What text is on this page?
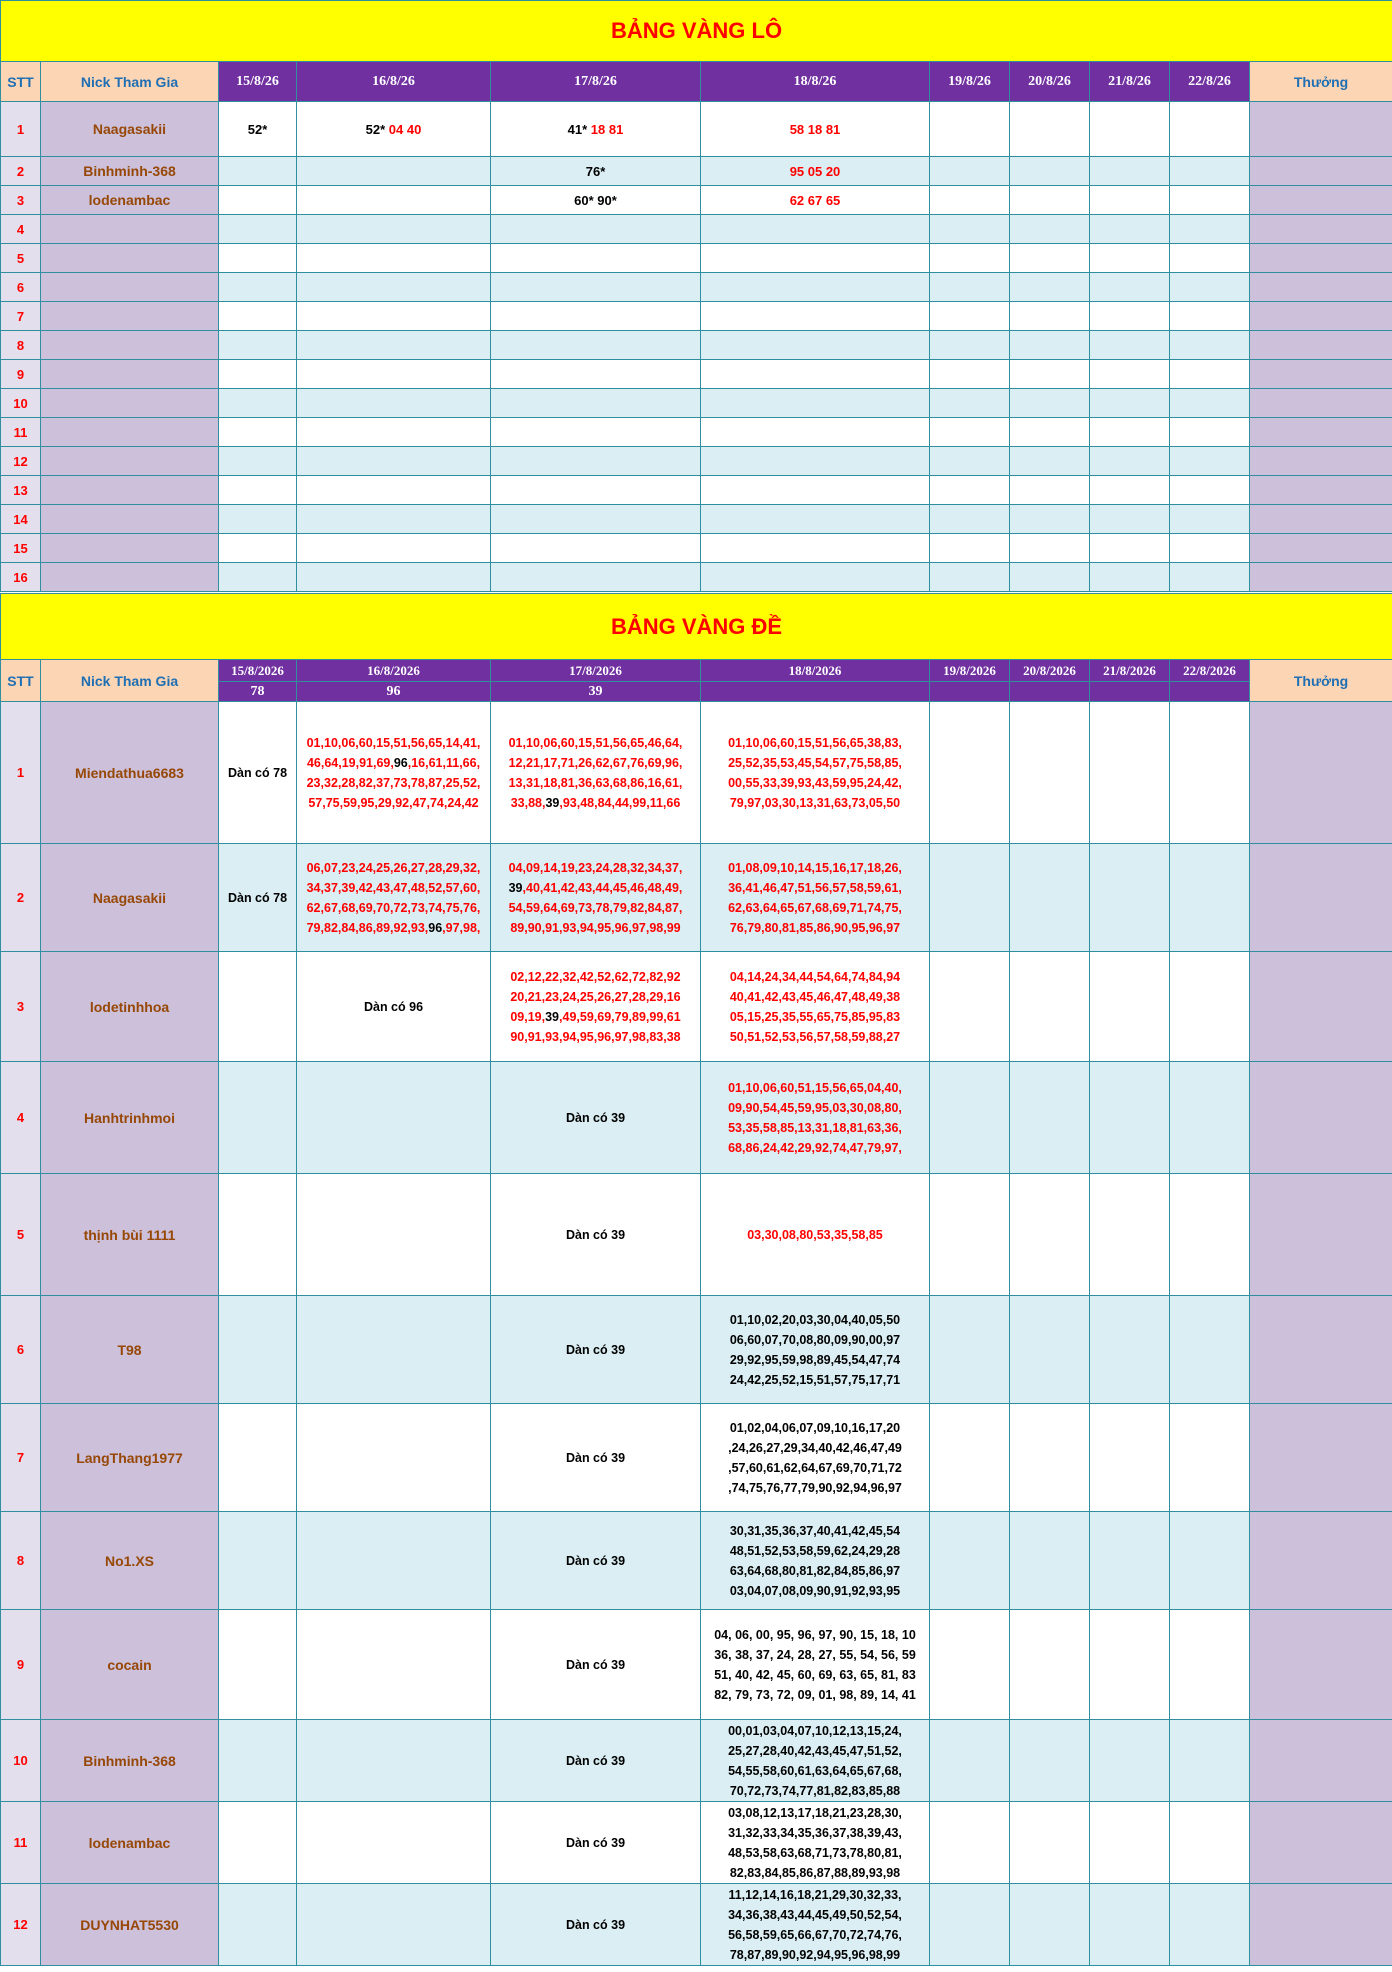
BẢNG VÀNG LÔ										
STT	Nick Tham Gia	15/8/26	16/8/26	17/8/26	18/8/26	19/8/26	20/8/26	21/8/26	22/8/26	Thưởng
1	Naagasakii	52*	52* 04 40	41* 18 81	58 18 81					
2	Binhminh-368			76*	95 05 20					
3	lodenambac			60* 90*	62 67 65					
4										
5										
6										
7										
8										
9										
10										
11										
12										
13										
14										
15										
16										
BẢNG VÀNG ĐỀ										
STT	Nick Tham Gia	15/8/2026	16/8/2026	17/8/2026	18/8/2026	19/8/2026	20/8/2026	21/8/2026	22/8/2026	Thưởng
		78	96	39						
1	Miendathua6683	Dàn có 78	01,10,06,60,15,51,56,65,14,41,
46,64,19,91,69,96,16,61,11,66,
23,32,28,82,37,73,78,87,25,52,
57,75,59,95,29,92,47,74,24,42	01,10,06,60,15,51,56,65,46,64,
12,21,17,71,26,62,67,76,69,96,
13,31,18,81,36,63,68,86,16,61,
33,88,39,93,48,84,44,99,11,66	01,10,06,60,15,51,56,65,38,83,
25,52,35,53,45,54,57,75,58,85,
00,55,33,39,93,43,59,95,24,42,
79,97,03,30,13,31,63,73,05,50					

2	Naagasakii	Dàn có 78	06,07,23,24,25,26,27,28,29,32,
34,37,39,42,43,47,48,52,57,60,
62,67,68,69,70,72,73,74,75,76,
79,82,84,86,89,92,93,96,97,98,	04,09,14,19,23,24,28,32,34,37,
39,40,41,42,43,44,45,46,48,49,
54,59,64,69,73,78,79,82,84,87,
89,90,91,93,94,95,96,97,98,99	01,08,09,10,14,15,16,17,18,26,
36,41,46,47,51,56,57,58,59,61,
62,63,64,65,67,68,69,71,74,75,
76,79,80,81,85,86,90,95,96,97					

3	lodetinhhoa		Dàn có 96	02,12,22,32,42,52,62,72,82,92
20,21,23,24,25,26,27,28,29,16
09,19,39,49,59,69,79,89,99,61
90,91,93,94,95,96,97,98,83,38	04,14,24,34,44,54,64,74,84,94
40,41,42,43,45,46,47,48,49,38
05,15,25,35,55,65,75,85,95,83
50,51,52,53,56,57,58,59,88,27					

4	Hanhtrinhmoi			Dàn có 39	01,10,06,60,51,15,56,65,04,40,
09,90,54,45,59,95,03,30,08,80,
53,35,58,85,13,31,18,81,63,36,
68,86,24,42,29,92,74,47,79,97,					

5	thịnh bùi 1111			Dàn có 39	03,30,08,80,53,35,58,85					

6	T98			Dàn có 39	01,10,02,20,03,30,04,40,05,50
06,60,07,70,08,80,09,90,00,97
29,92,95,59,98,89,45,54,47,74
24,42,25,52,15,51,57,75,17,71					

7	LangThang1977			Dàn có 39	01,02,04,06,07,09,10,16,17,20
,24,26,27,29,34,40,42,46,47,49
,57,60,61,62,64,67,69,70,71,72
,74,75,76,77,79,90,92,94,96,97					

8	No1.XS			Dàn có 39	30,31,35,36,37,40,41,42,45,54
48,51,52,53,58,59,62,24,29,28
63,64,68,80,81,82,84,85,86,97
03,04,07,08,09,90,91,92,93,95					

9	cocain			Dàn có 39	04, 06, 00, 95, 96, 97, 90, 15, 18, 10
36, 38, 37, 24, 28, 27, 55, 54, 56, 59
51, 40, 42, 45, 60, 69, 63, 65, 81, 83
82, 79, 73, 72, 09, 01, 98, 89, 14, 41					

10	Binhminh-368			Dàn có 39	00,01,03,04,07,10,12,13,15,24,
25,27,28,40,42,43,45,47,51,52,
54,55,58,60,61,63,64,65,67,68,
70,72,73,74,77,81,82,83,85,88					

11	lodenambac			Dàn có 39	03,08,12,13,17,18,21,23,28,30,
31,32,33,34,35,36,37,38,39,43,
48,53,58,63,68,71,73,78,80,81,
82,83,84,85,86,87,88,89,93,98					

12	DUYNHAT5530			Dàn có 39	11,12,14,16,18,21,29,30,32,33,
34,36,38,43,44,45,49,50,52,54,
56,58,59,65,66,67,70,72,74,76,
78,87,89,90,92,94,95,96,98,99					
